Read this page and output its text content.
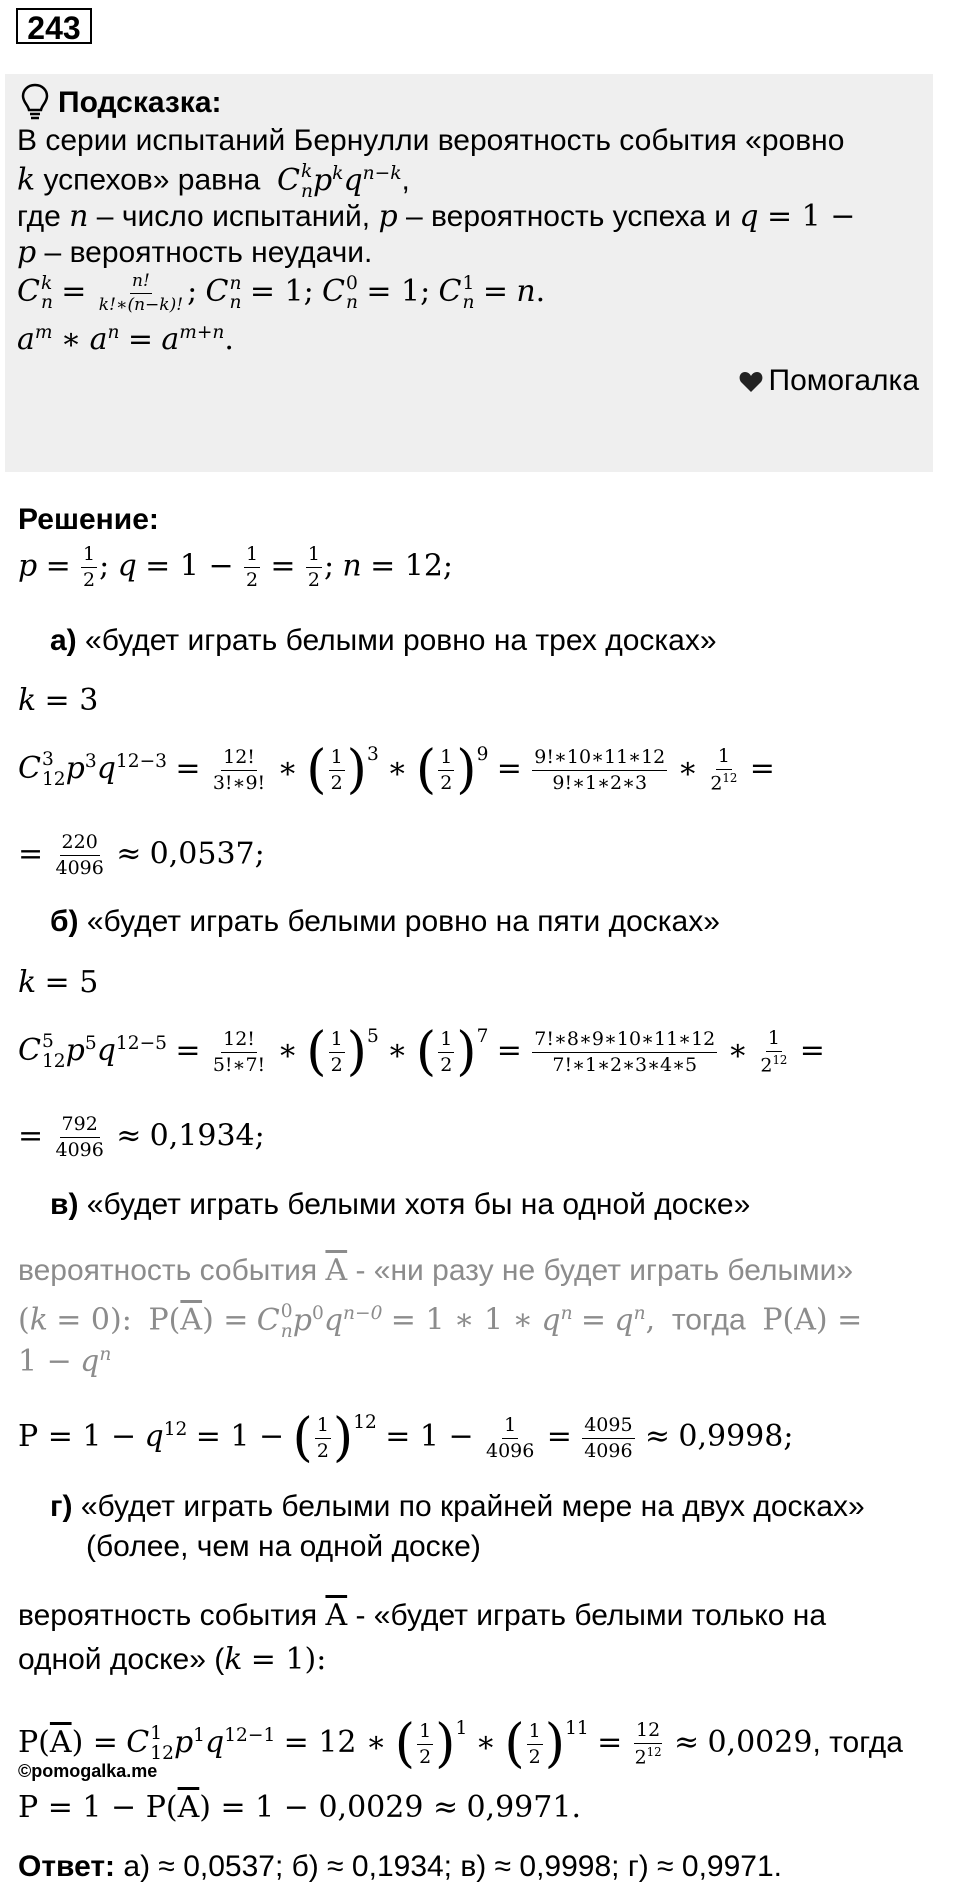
243
Подсказка:
В серии испытаний Бернулли вероятность события «ровно
k успехов» равна C k
n $p^kq^{n-k}$,
где n – число испытаний, p – вероятность успеха и q = 1 −
p – вероятность неудачи.
C k
$n = \frac{n!}{k!∗(n-k)!}$ ; C n
n = 1; C 0
n = 1; C 1
n = n.
$a^m$ ∗ $a^n = a^{m+n}$.
Помогалка
Решение:
$p = \frac{1}{2}$ ; $q = 1 - \frac{1}{2} = \frac{1}{2}$ ; n = 12;
а) «будет играть белыми ровно на трех досках»
k = 3
C 3
12 $p^3q^{12-3} = \frac{12!}{3!∗9!}$ ∗ ( $\frac{1}{2}$ ) $^3$ ∗ ( $\frac{1}{2}$ ) $^9 = \frac{9!∗10∗11∗12}{9!∗1∗2∗3}$ ∗ $\frac{1}{2^{12}}$ =
= $\frac{220}{4096} \approx 0,0537$;
б) «будет играть белыми ровно на пяти досках»
k = 5
C 5
12 $p^5q^{12-5} = \frac{12!}{5!∗7!}$ ∗ ( $\frac{1}{2}$ ) $^5$ ∗ ( $\frac{1}{2}$ ) $^7 = \frac{7!∗8∗9∗10∗11∗12}{7!∗1∗2∗3∗4∗5}$ ∗ $\frac{1}{2^{12}}$ =
= $\frac{792}{4096} \approx 0,1934$;
в) «будет играть белыми хотя бы на одной доске»
вероятность события $\overline{A}$ - «ни разу не будет играть белыми»
(k = 0): $P(\overline{A}) = C$ 0
n $p^0q^{n-0} = 1$ ∗ 1 ∗ $q^n = q^n$, тогда P(A) =
$1 - q^n$
$P = 1 - q^{12} = 1$ − ( $\frac{1}{2}$ ) $^{12} = 1 - \frac{1}{4096} = \frac{4095}{4096} \approx 0,9998$;
г) «будет играть белыми по крайней мере на двух досках»
(более, чем на одной доске)
вероятность события $\overline{A}$ - «будет играть белыми только на
одной доске» (k = 1):
$P(\overline{A}) = C$ 1
12 $p^1q^{12-1} = 12$ ∗ ( $\frac{1}{2}$ ) $^1$ ∗ ( $\frac{1}{2}$ ) $^{11} = \frac{12}{2^{12}} \approx 0,0029$, тогда
©pomogalka.me
$P = 1 - P(\overline{A}) = 1 - 0,0029 \approx 0,9971$.
Ответ: а) ≈ 0,0537; б) ≈ 0,1934; в) ≈ 0,9998; г) ≈ 0,9971.
